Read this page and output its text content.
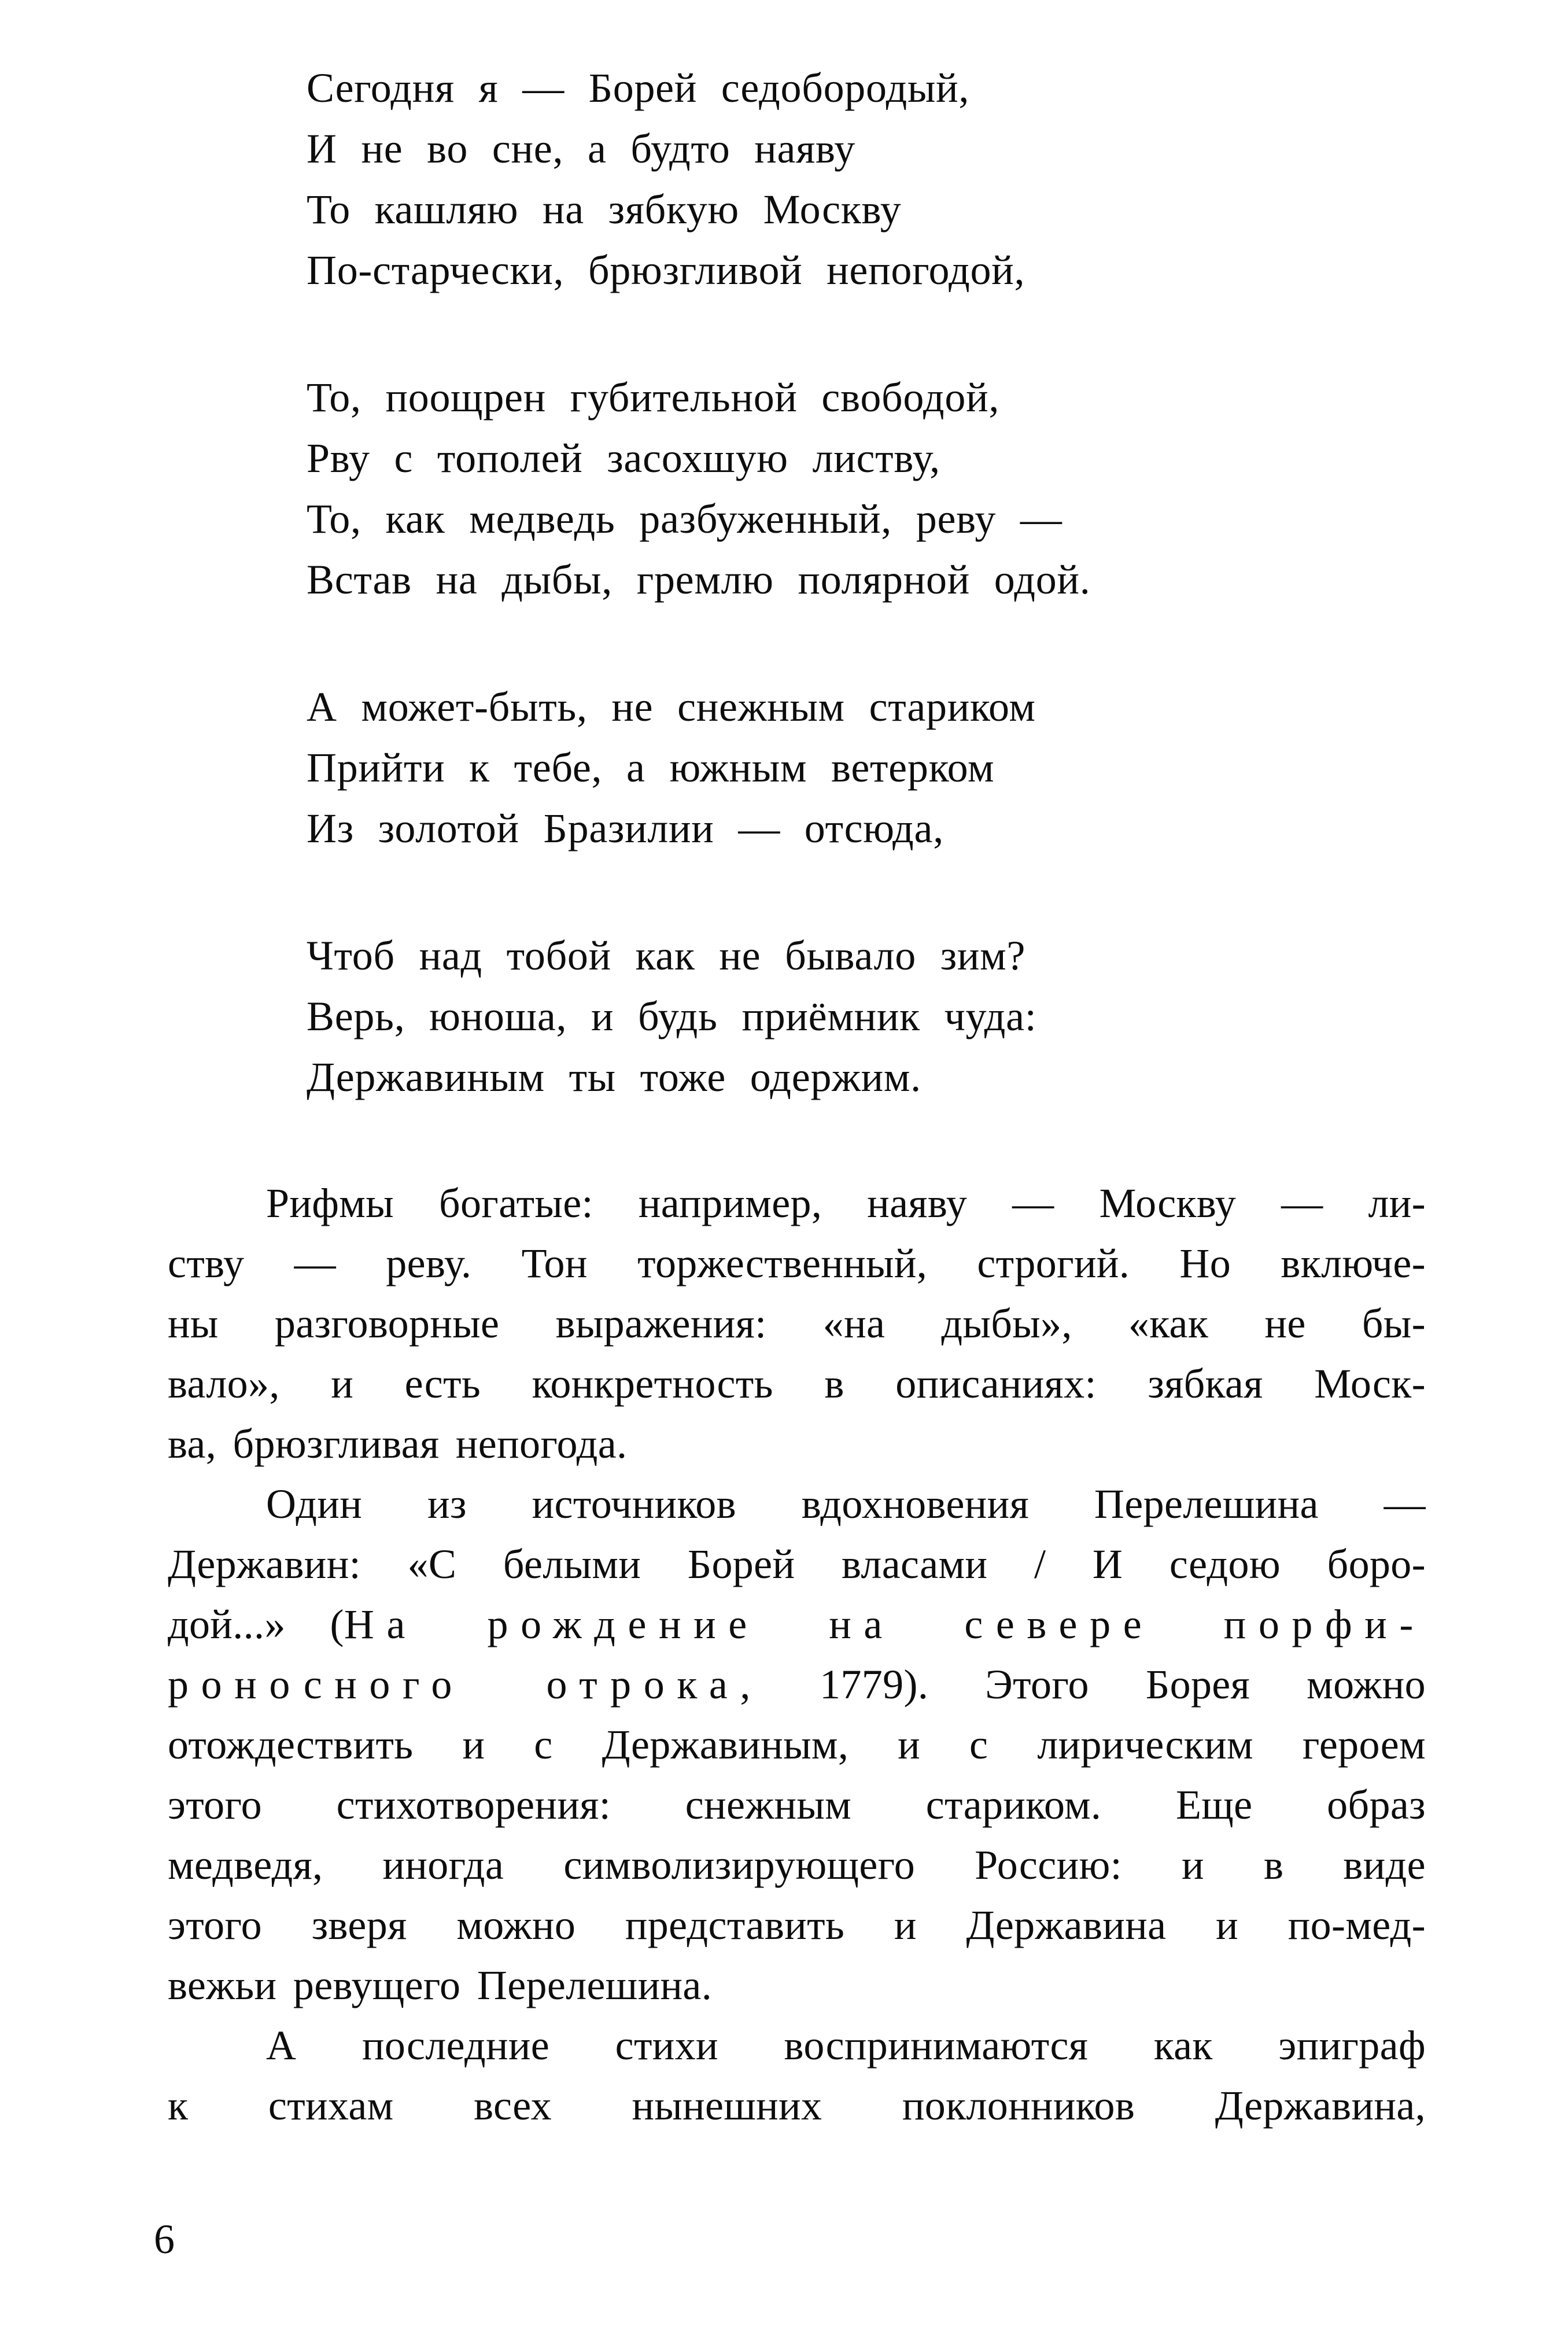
Сегодня я — Борей седобородый,
И не во сне, а будто наяву
То кашляю на зябкую Москву
По-старчески, брюзгливой непогодой,
То, поощрен губительной свободой,
Рву с тополей засохшую листву,
То, как медведь разбуженный, реву —
Встав на дыбы, гремлю полярной одой.
А может-быть, не снежным стариком
Прийти к тебе, а южным ветерком
Из золотой Бразилии — отсюда,
Чтоб над тобой как не бывало зим?
Верь, юноша, и будь приёмник чуда:
Державиным ты тоже одержим.
Рифмы богатые: например, наяву — Москву — ли-
ству — реву. Тон торжественный, строгий. Но включе-
ны разговорные выражения: «на дыбы», «как не бы-
вало», и есть конкретность в описаниях: зябкая Моск-
ва, брюзгливая непогода.
Один из источников вдохновения Перелешина —
Державин: «С белыми Борей власами / И седою боро-
дой...» (На рождение на севере порфи-
роносного отрока, 1779). Этого Борея можно
отождествить и с Державиным, и с лирическим героем
этого стихотворения: снежным стариком. Еще образ
медведя, иногда символизирующего Россию: и в виде
этого зверя можно представить и Державина и по-мед-
вежьи ревущего Перелешина.
А последние стихи воспринимаются как эпиграф
к стихам всех нынешних поклонников Державина,
6
